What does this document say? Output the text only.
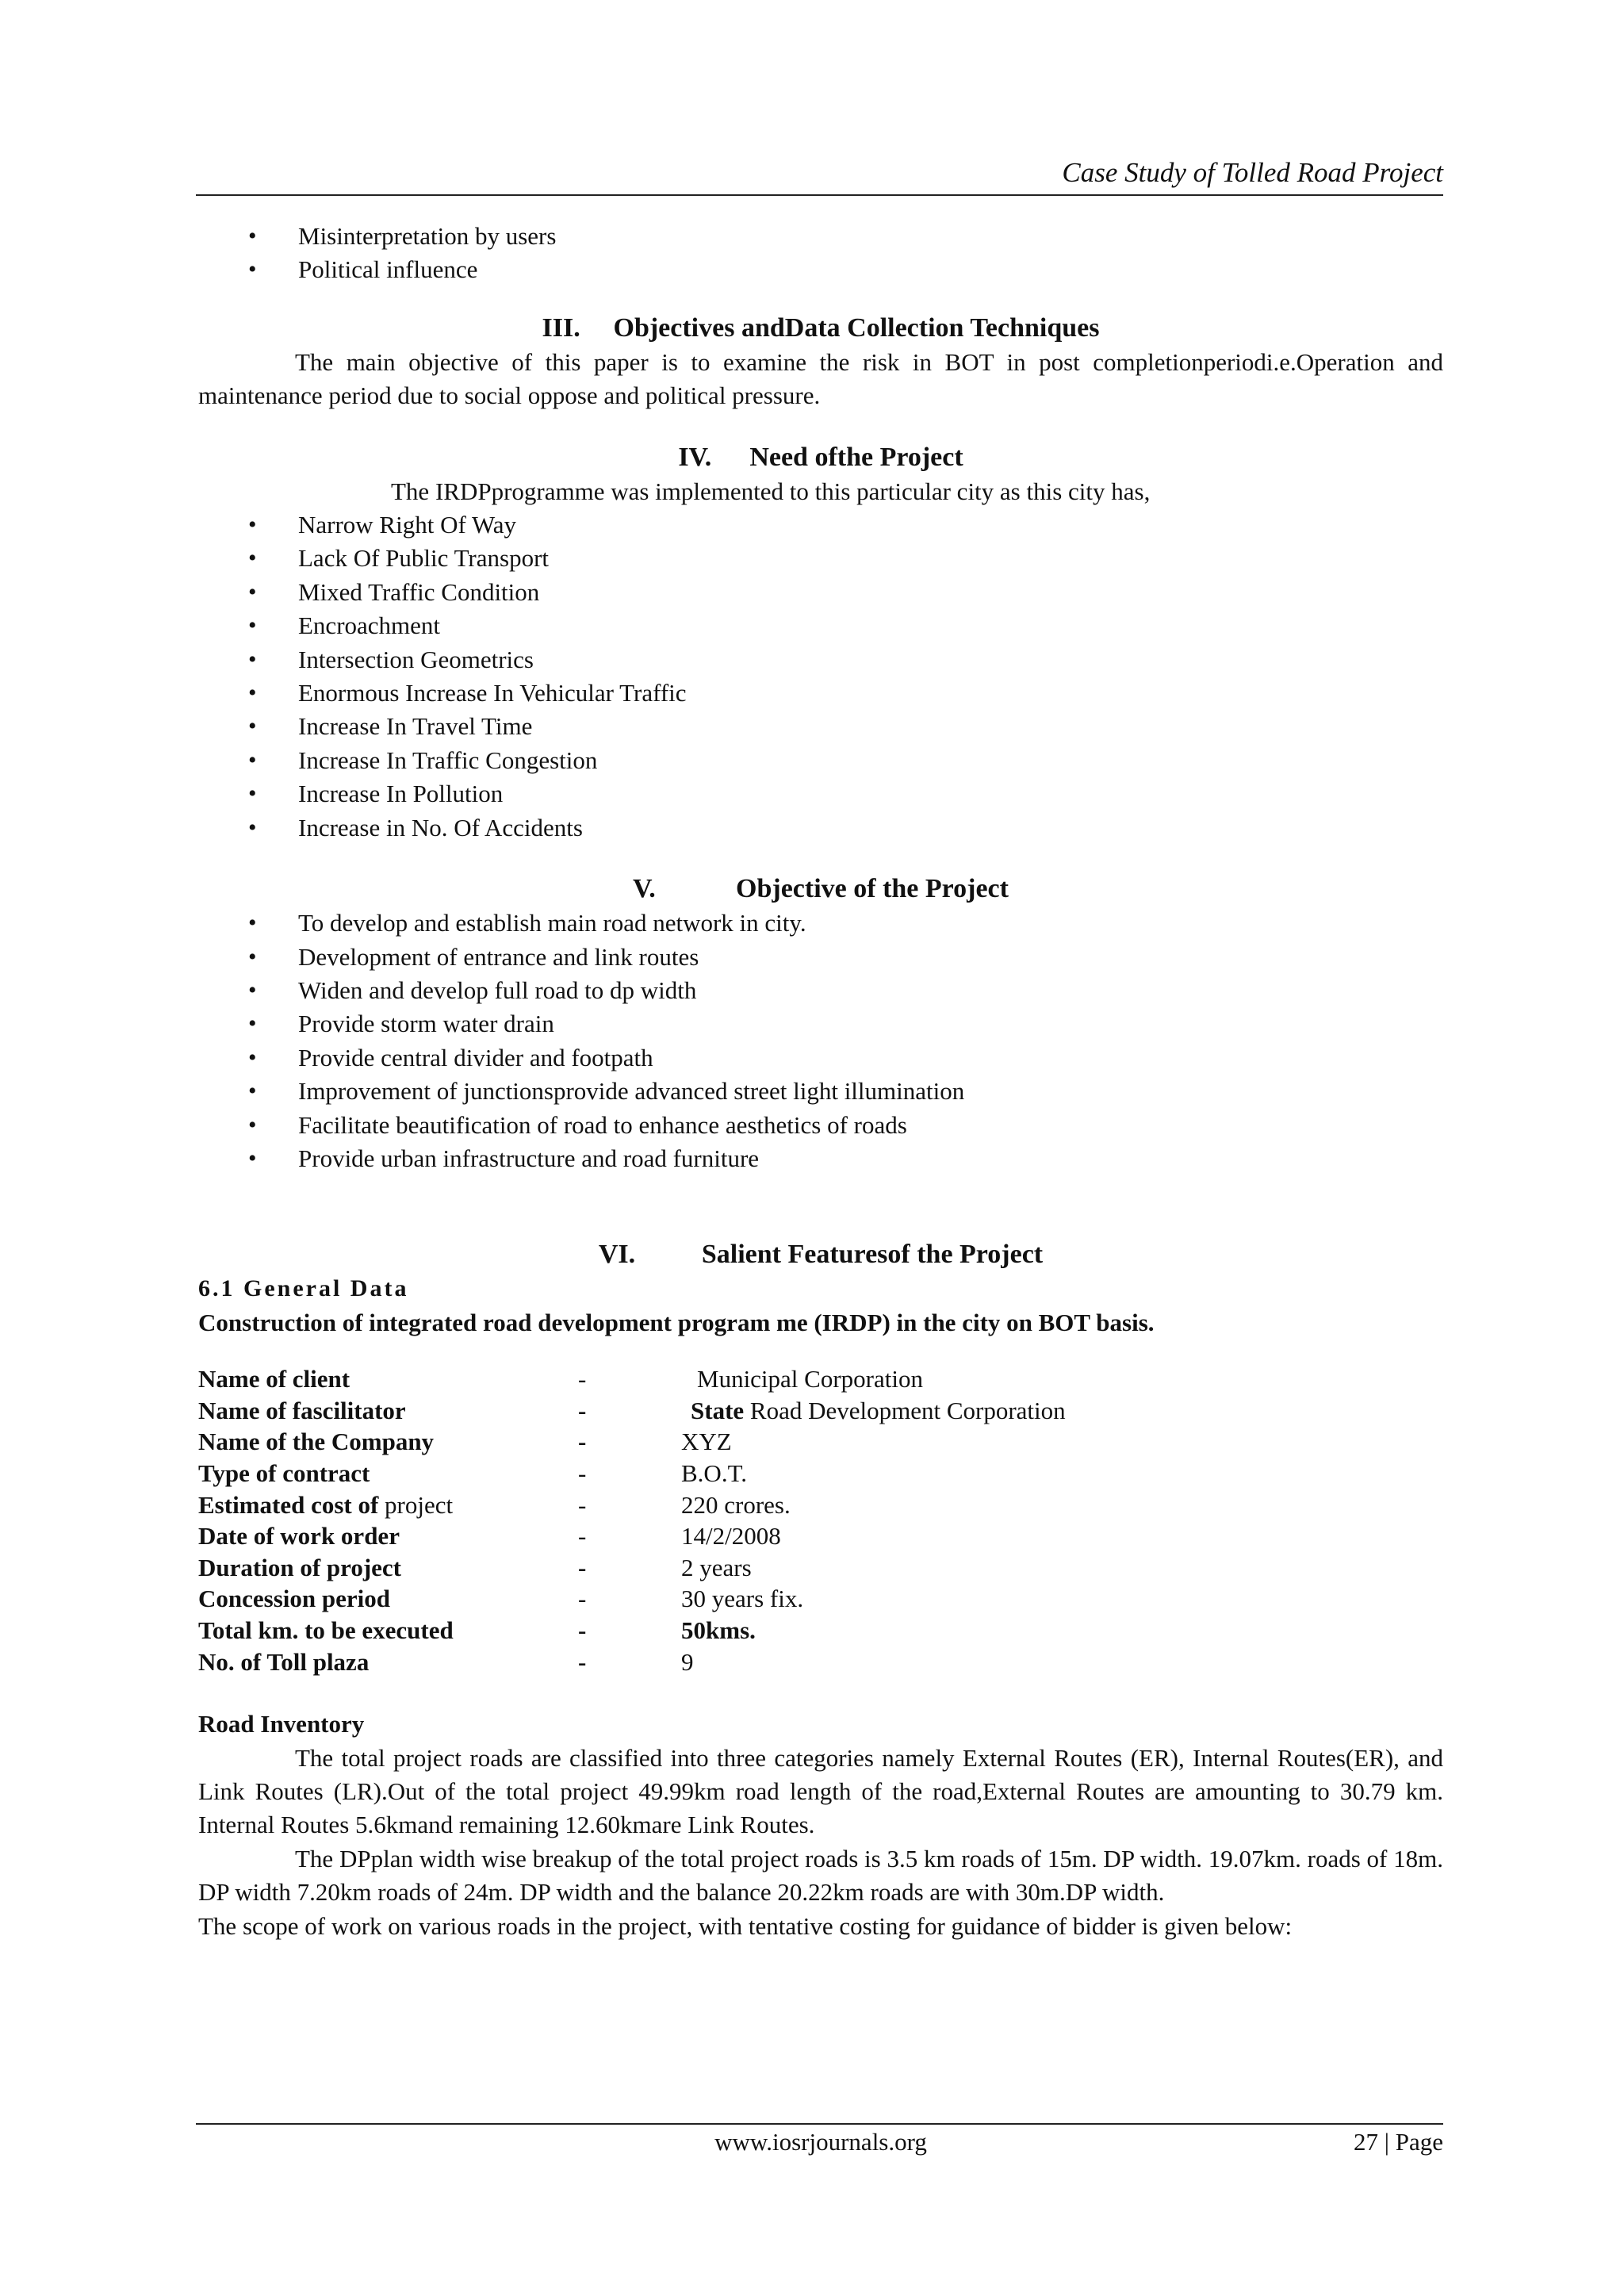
Case Study of Tolled Road Project
• Misinterpretation by users
• Political influence
III. Objectives andData Collection Techniques

The main objective of this paper is to examine the risk in BOT in post completionperiodi.e.Operation and maintenance period due to social oppose and political pressure.

IV. Need ofthe Project

The IRDPprogramme was implemented to this particular city as this city has,

• Narrow Right Of Way
• Lack Of Public Transport
• Mixed Traffic Condition
• Encroachment
• Intersection Geometrics
• Enormous Increase In Vehicular Traffic
• Increase In Travel Time
• Increase In Traffic Congestion
• Increase In Pollution
• Increase in No. Of Accidents
V.	Objective of the Project
• To develop and establish main road network in city.
• Development of entrance and link routes
• Widen and develop full road to dp width
• Provide storm water drain
• Provide central divider and footpath
• Improvement of junctionsprovide advanced street light illumination
• Facilitate beautification of road to enhance aesthetics of roads
• Provide urban infrastructure and road furniture
VI. Salient Featuresof the Project
6.1 General Data
Construction of integrated road development program me (IRDP) in the city on BOT basis.
Name of client	-	Municipal Corporation
Name of fascilitator	-	State Road Development Corporation
Name of the Company	-	XYZ
Type of contract	-	B.O.T.
Estimated cost of project	-	220 crores.
Date of work order	-	14/2/2008
Duration of project	-	2 years
Concession period	-	30 years fix.
Total km. to be executed	-	50kms.
No. of Toll plaza	-	9
Road Inventory

The total project roads are classified into three categories namely External Routes (ER), Internal Routes(ER), and Link Routes (LR).Out of the total project 49.99km road length of the road,External Routes are amounting to 30.79 km. Internal Routes 5.6kmand remaining 12.60kmare Link Routes.

The DPplan width wise breakup of the total project roads is 3.5 km roads of 15m. DP width. 19.07km. roads of 18m. DP width 7.20km roads of 24m. DP width and the balance 20.22km roads are with 30m.DP width.

The scope of work on various roads in the project, with tentative costing for guidance of bidder is given below:

www.iosrjournals.org	27 | Page
